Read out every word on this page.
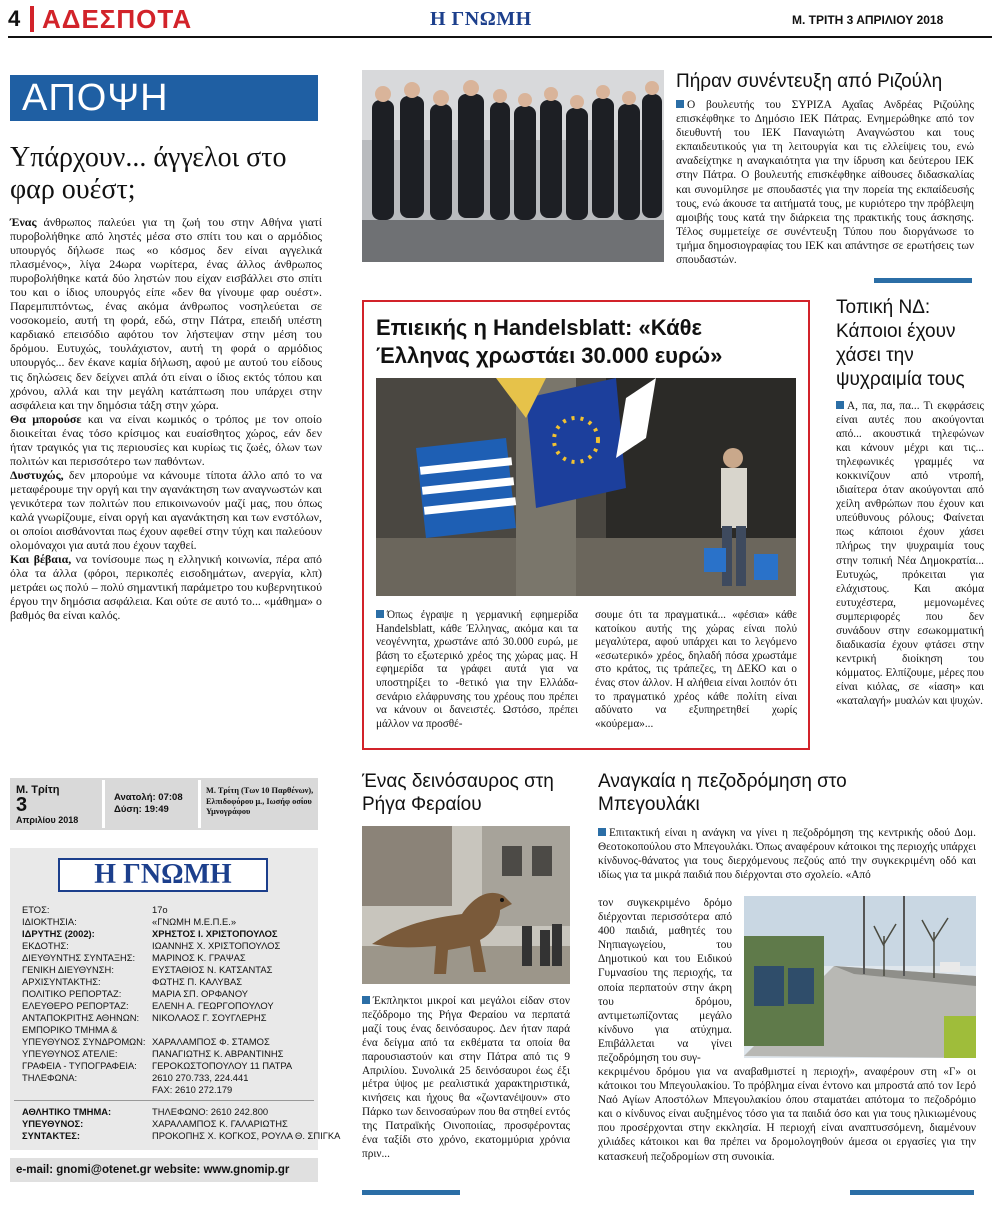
4 ΑΔΕΣΠΟΤΑ	Η ΓΝΩΜΗ	Μ. ΤΡΙΤΗ 3 ΑΠΡΙΛΙΟΥ 2018
ΑΠΟΨΗ
Υπάρχουν... άγγελοι στο φαρ ουέστ;

Ένας άνθρωπος παλεύει για τη ζωή του στην Αθήνα γιατί πυροβολήθηκε από ληστές μέσα στο σπίτι του και ο αρμόδιος υπουργός δήλωσε πως «ο κόσμος δεν είναι αγγελικά πλασμένος», λίγα 24ωρα νωρίτερα, ένας άλλος άνθρωπος πυροβολήθηκε κατά δύο ληστών που είχαν εισβάλλει στο σπίτι του και ο ίδιος υπουργός είπε «δεν θα γίνουμε φαρ ουέστ». Παρεμπιπτόντως, ένας ακόμα άνθρωπος νοσηλεύεται σε νοσοκομείο, αυτή τη φορά, εδώ, στην Πάτρα, επειδή υπέστη καρδιακό επεισόδιο αφότου τον λήστεψαν στην μέση του δρόμου. Ευτυχώς, τουλάχιστον, αυτή τη φορά ο αρμόδιος υπουργός... δεν έκανε καμία δήλωση, αφού με αυτού του είδους τις δηλώσεις δεν δείχνει απλά ότι είναι ο ίδιος εκτός τόπου και χρόνου, αλλά και την μεγάλη κατάπτωση που υπάρχει στην ασφάλεια και την δημόσια τάξη στην χώρα.

Θα μπορούσε και να είναι κωμικός ο τρόπος με τον οποίο διοικείται ένας τόσο κρίσιμος και ευαίσθητος χώρος, εάν δεν ήταν τραγικός για τις περιουσίες και κυρίως τις ζωές, όλων των πολιτών και περισσότερο των παθόντων.

Δυστυχώς, δεν μπορούμε να κάνουμε τίποτα άλλο από το να μεταφέρουμε την οργή και την αγανάκτηση των αναγνωστών και γενικότερα των πολιτών που επικοινωνούν μαζί μας, που όπως καλά γνωρίζουμε, είναι οργή και αγανάκτηση και των ενστόλων, οι οποίοι αισθάνονται πως έχουν αφεθεί στην τύχη και παλεύουν ολομόναχοι για αυτά που έχουν ταχθεί.

Και βέβαια, να τονίσουμε πως η ελληνική κοινωνία, πέρα από όλα τα άλλα (φόροι, περικοπές εισοδημάτων, ανεργία, κλπ) μετράει ως πολύ – πολύ σημαντική παράμετρο του κυβερνητικού έργου την δημόσια ασφάλεια. Και ούτε σε αυτό το... «μάθημα» ο βαθμός θα είναι καλός.

Μ. Τρίτη
3
Απριλίου 2018
Ανατολή: 07:08
Δύση: 19:49
Μ. Τρίτη (Των 10 Παρθένων), Ελπιδοφόρου μ., Ιωσήφ οσίου Υμνογράφου
Η ΓΝΩΜΗ
ΕΤΟΣ:	17ο
ΙΔΙΟΚΤΗΣΙΑ:	«ΓΝΩΜΗ Μ.Ε.Π.Ε.»
ΙΔΡΥΤΗΣ (2002):	ΧΡΗΣΤΟΣ Ι. ΧΡΙΣΤΟΠΟΥΛΟΣ
ΕΚΔΟΤΗΣ:	ΙΩΑΝΝΗΣ Χ. ΧΡΙΣΤΟΠΟΥΛΟΣ
ΔΙΕΥΘΥΝΤΗΣ ΣΥΝΤΑΞΗΣ: ΜΑΡΙΝΟΣ Κ. ΓΡΑΨΑΣ
ΓΕΝΙΚΗ ΔΙΕΥΘΥΝΣΗ:	ΕΥΣΤΑΘΙΟΣ Ν. ΚΑΤΣΑΝΤΑΣ
ΑΡΧΙΣΥΝΤΑΚΤΗΣ:	ΦΩΤΗΣ Π. ΚΑΛΥΒΑΣ
ΠΟΛΙΤΙΚΟ ΡΕΠΟΡΤΑΖ:	ΜΑΡΙΑ ΣΠ. ΟΡΦΑΝΟΥ
ΕΛΕΥΘΕΡΟ ΡΕΠΟΡΤΑΖ: ΕΛΕΝΗ Α. ΓΕΩΡΓΟΠΟΥΛΟΥ
ΑΝΤΑΠΟΚΡΙΤΗΣ ΑΘΗΝΩΝ: ΝΙΚΟΛΑΟΣ Γ. ΣΟΥΓΛΕΡΗΣ
ΕΜΠΟΡΙΚΟ ΤΜΗΜΑ &
ΥΠΕΥΘΥΝΟΣ ΣΥΝΔΡΟΜΩΝ: ΧΑΡΑΛΑΜΠΟΣ Φ. ΣΤΑΜΟΣ
ΥΠΕΥΘΥΝΟΣ ΑΤΕΛΙΕ:	ΠΑΝΑΓΙΩΤΗΣ Κ. ΑΒΡΑΝΤΙΝΗΣ
ΓΡΑΦΕΙΑ - ΤΥΠΟΓΡΑΦΕΙΑ: ΓΕΡΟΚΩΣΤΟΠΟΥΛΟΥ 11 ΠΑΤΡΑ
ΤΗΛΕΦΩΝΑ:	2610 270.733, 224.441
FAX: 2610 272.179
ΑΘΛΗΤΙΚΟ ΤΜΗΜΑ:	ΤΗΛΕΦΩΝΟ: 2610 242.800
ΥΠΕΥΘΥΝΟΣ:	ΧΑΡΑΛΑΜΠΟΣ Κ. ΓΑΛΑΡΙΩΤΗΣ
ΣΥΝΤΑΚΤΕΣ:	ΠΡΟΚΟΠΗΣ Χ. ΚΟΓΚΟΣ, ΡΟΥΛΑ Θ. ΣΠΙΓΚΑ
e-mail: gnomi@otenet.gr website: www.gnomip.gr
Πήραν συνέντευξη από Ριζούλη
Ο βουλευτής του ΣΥΡΙΖΑ Αχαΐας Ανδρέας Ριζούλης επισκέφθηκε το Δημόσιο ΙΕΚ Πάτρας. Ενημερώθηκε από τον διευθυντή του ΙΕΚ Παναγιώτη Αναγνώστου και τους εκπαιδευτικούς για τη λειτουργία και τις ελλείψεις του, ενώ αναδείχτηκε η αναγκαιότητα για την ίδρυση και δεύτερου ΙΕΚ στην Πάτρα. Ο βουλευτής επισκέφθηκε αίθουσες διδασκαλίας και συνομίλησε με σπουδαστές για την πορεία της εκπαίδευσής τους, ενώ άκουσε τα αιτήματά τους, με κυριότερο την πρόβλεψη αμοιβής τους κατά την διάρκεια της πρακτικής τους άσκησης. Τέλος συμμετείχε σε συνέντευξη Τύπου που διοργάνωσε το τμήμα δημοσιογραφίας του ΙΕΚ και απάντησε σε ερωτήσεις των σπουδαστών.
Επιεικής η Handelsblatt: «Κάθε Έλληνας χρωστάει 30.000 ευρώ»
Όπως έγραψε η γερμανική εφημερίδα Handelsblatt, κάθε Έλληνας, ακόμα και τα νεογέννητα, χρωστάνε από 30.000 ευρώ, με βάση το εξωτερικό χρέος της χώρας μας. Η εφημερίδα τα γράφει αυτά για να υποστηρίξει το -θετικό για την Ελλάδα- σενάριο ελάφρυνσης του χρέους που πρέπει να κάνουν οι δανειστές. Ωστόσο, πρέπει μάλλον να προσθέ-
σουμε ότι τα πραγματικά... «φέσια» κάθε κατοίκου αυτής της χώρας είναι πολύ μεγαλύτερα, αφού υπάρχει και το λεγόμενο «εσωτερικό» χρέος, δηλαδή πόσα χρωστάμε στο κράτος, τις τράπεζες, τη ΔΕΚΟ και ο ένας στον άλλον. Η αλήθεια είναι λοιπόν ότι το πραγματικό χρέος κάθε πολίτη είναι αδύνατο να εξυπηρετηθεί χωρίς «κούρεμα»...
Τοπική ΝΔ: Κάποιοι έχουν χάσει την ψυχραιμία τους
Α, πα, πα, πα... Τι εκφράσεις είναι αυτές που ακούγονται από... ακουστικά τηλεφώνων και κάνουν μέχρι και τις... τηλεφωνικές γραμμές να κοκκινίζουν από ντροπή, ιδιαίτερα όταν ακούγονται από χείλη ανθρώπων που έχουν και υπεύθυνους ρόλους; Φαίνεται πως κάποιοι έχουν χάσει πλήρως την ψυχραιμία τους στην τοπική Νέα Δημοκρατία... Ευτυχώς, πρόκειται για ελάχιστους. Και ακόμα ευτυχέστερα, μεμονωμένες συμπεριφορές που δεν συνάδουν στην εσωκομματική διαδικασία έχουν φτάσει στην κεντρική διοίκηση του κόμματος. Ελπίζουμε, μέρες που είναι κιόλας, σε «ίαση» και «καταλαγή» μυαλών και ψυχών.
Ένας δεινόσαυρος στη Ρήγα Φεραίου
Έκπληκτοι μικροί και μεγάλοι είδαν στον πεζόδρομο της Ρήγα Φεραίου να περπατά μαζί τους ένας δεινόσαυρος. Δεν ήταν παρά ένα δείγμα από τα εκθέματα τα οποία θα παρουσιαστούν και στην Πάτρα από τις 9 Απριλίου. Συνολικά 25 δεινόσαυροι έως έξι μέτρα ύψος με ρεαλιστικά χαρακτηριστικά, κινήσεις και ήχους θα «ζωντανέψουν» στο Πάρκο των δεινοσαύρων που θα στηθεί εντός της Πατραϊκής Οινοποιίας, προσφέροντας ένα ταξίδι στο χρόνο, εκατομμύρια χρόνια πριν...
Αναγκαία η πεζοδρόμηση στο Μπεγουλάκι
Επιτακτική είναι η ανάγκη να γίνει η πεζοδρόμηση της κεντρικής οδού Δομ. Θεοτοκοπούλου στο Μπεγουλάκι. Όπως αναφέρουν κάτοικοι της περιοχής υπάρχει κίνδυνος-θάνατος για τους διερχόμενους πεζούς από την συγκεκριμένη οδό και ιδίως για τα μικρά παιδιά που διέρχονται στο σχολείο. «Από
τον συγκεκριμένο δρόμο διέρχονται περισσότερα από 400 παιδιά, μαθητές του Νηπιαγωγείου, του Δημοτικού και του Ειδικού Γυμνασίου της περιοχής, τα οποία περπατούν στην άκρη του δρόμου, αντιμετωπίζοντας μεγάλο κίνδυνο για ατύχημα. Επιβάλλεται να γίνει πεζοδρόμηση του συγ-
κεκριμένου δρόμου για να αναβαθμιστεί η περιοχή», αναφέρουν στη «Γ» οι κάτοικοι του Μπεγουλακίου. Το πρόβλημα είναι έντονο και μπροστά από τον Ιερό Ναό Αγίων Αποστόλων Μπεγουλακίου όπου σταματάει απότομα το πεζοδρόμιο και ο κίνδυνος είναι αυξημένος τόσο για τα παιδιά όσο και για τους ηλικιωμένους που προσέρχονται στην εκκλησία. Η περιοχή είναι αναπτυσσόμενη, διαμένουν χιλιάδες κάτοικοι και θα πρέπει να δρομολογηθούν άμεσα οι εργασίες για την κατασκευή πεζοδρομίων στη συνοικία.
